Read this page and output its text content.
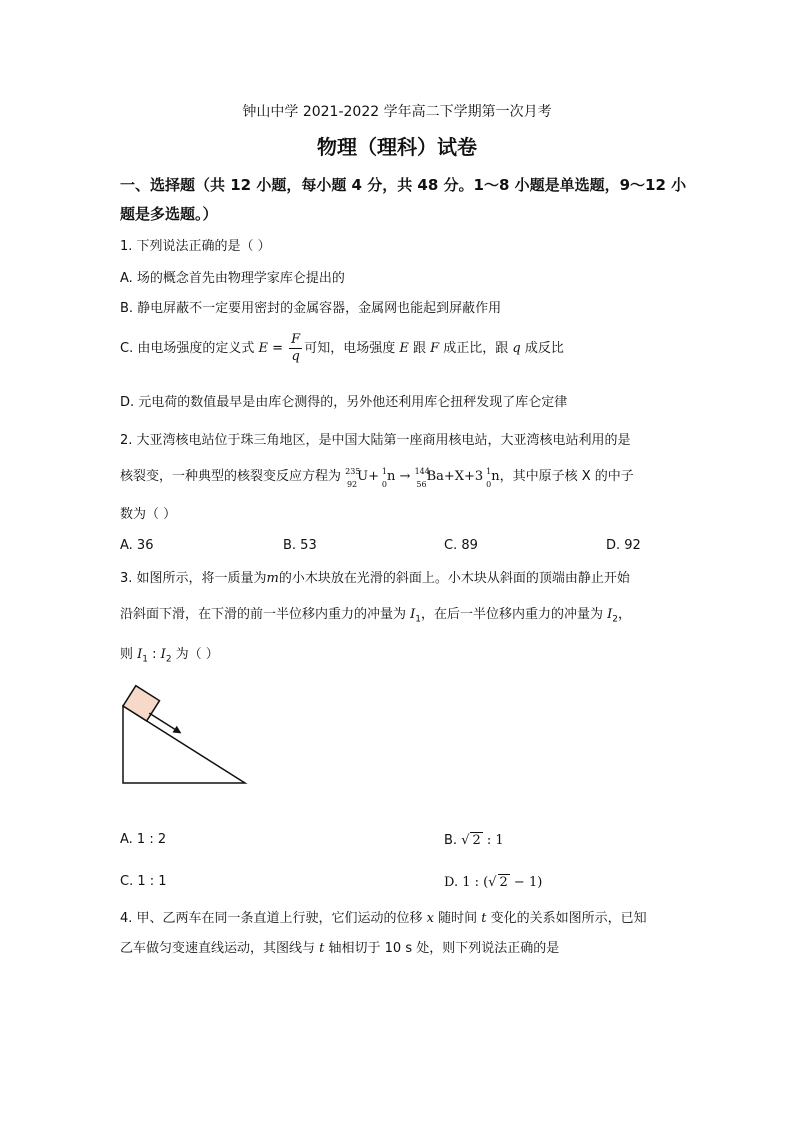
钟山中学 2021-2022 学年高二下学期第一次月考
物理（理科）试卷
一、选择题（共 12 小题，每小题 4 分，共 48 分。1～8 小题是单选题，9～12 小
题是多选题。）
1. 下列说法正确的是（ ）
A. 场的概念首先由物理学家库仑提出的
B. 静电屏蔽不一定要用密封的金属容器，金属网也能起到屏蔽作用
C. 由电场强度的定义式 $E = \frac{F}{q}$ 可知，电场强度 E 跟 F 成正比，跟 q 成反比
D. 元电荷的数值最早是由库仑测得的，另外他还利用库仑扭秤发现了库仑定律
2. 大亚湾核电站位于珠三角地区，是中国大陆第一座商用核电站，大亚湾核电站利用的是
核裂变，一种典型的核裂变反应方程为 235
92
U+ 1
0
n → 144
56
Ba+X+3 1
0
n，其中原子核 X 的中子
数为（ ）
A. 36	B. 53	C. 89	D. 92
3. 如图所示，将一质量为m的小木块放在光滑的斜面上。小木块从斜面的顶端由静止开始
沿斜面下滑，在下滑的前一半位移内重力的冲量为 $I_1$，在后一半位移内重力的冲量为 $I_2$，
则 $I_1$ : $I_2$ 为（ ）
A. 1 : 2	B. √ 2 : 1
C. 1 : 1	D. 1 : (√ 2 − 1)
4. 甲、乙两车在同一条直道上行驶，它们运动的位移 x 随时间 t 变化的关系如图所示，已知
乙车做匀变速直线运动，其图线与 t 轴相切于 10 s 处，则下列说法正确的是
